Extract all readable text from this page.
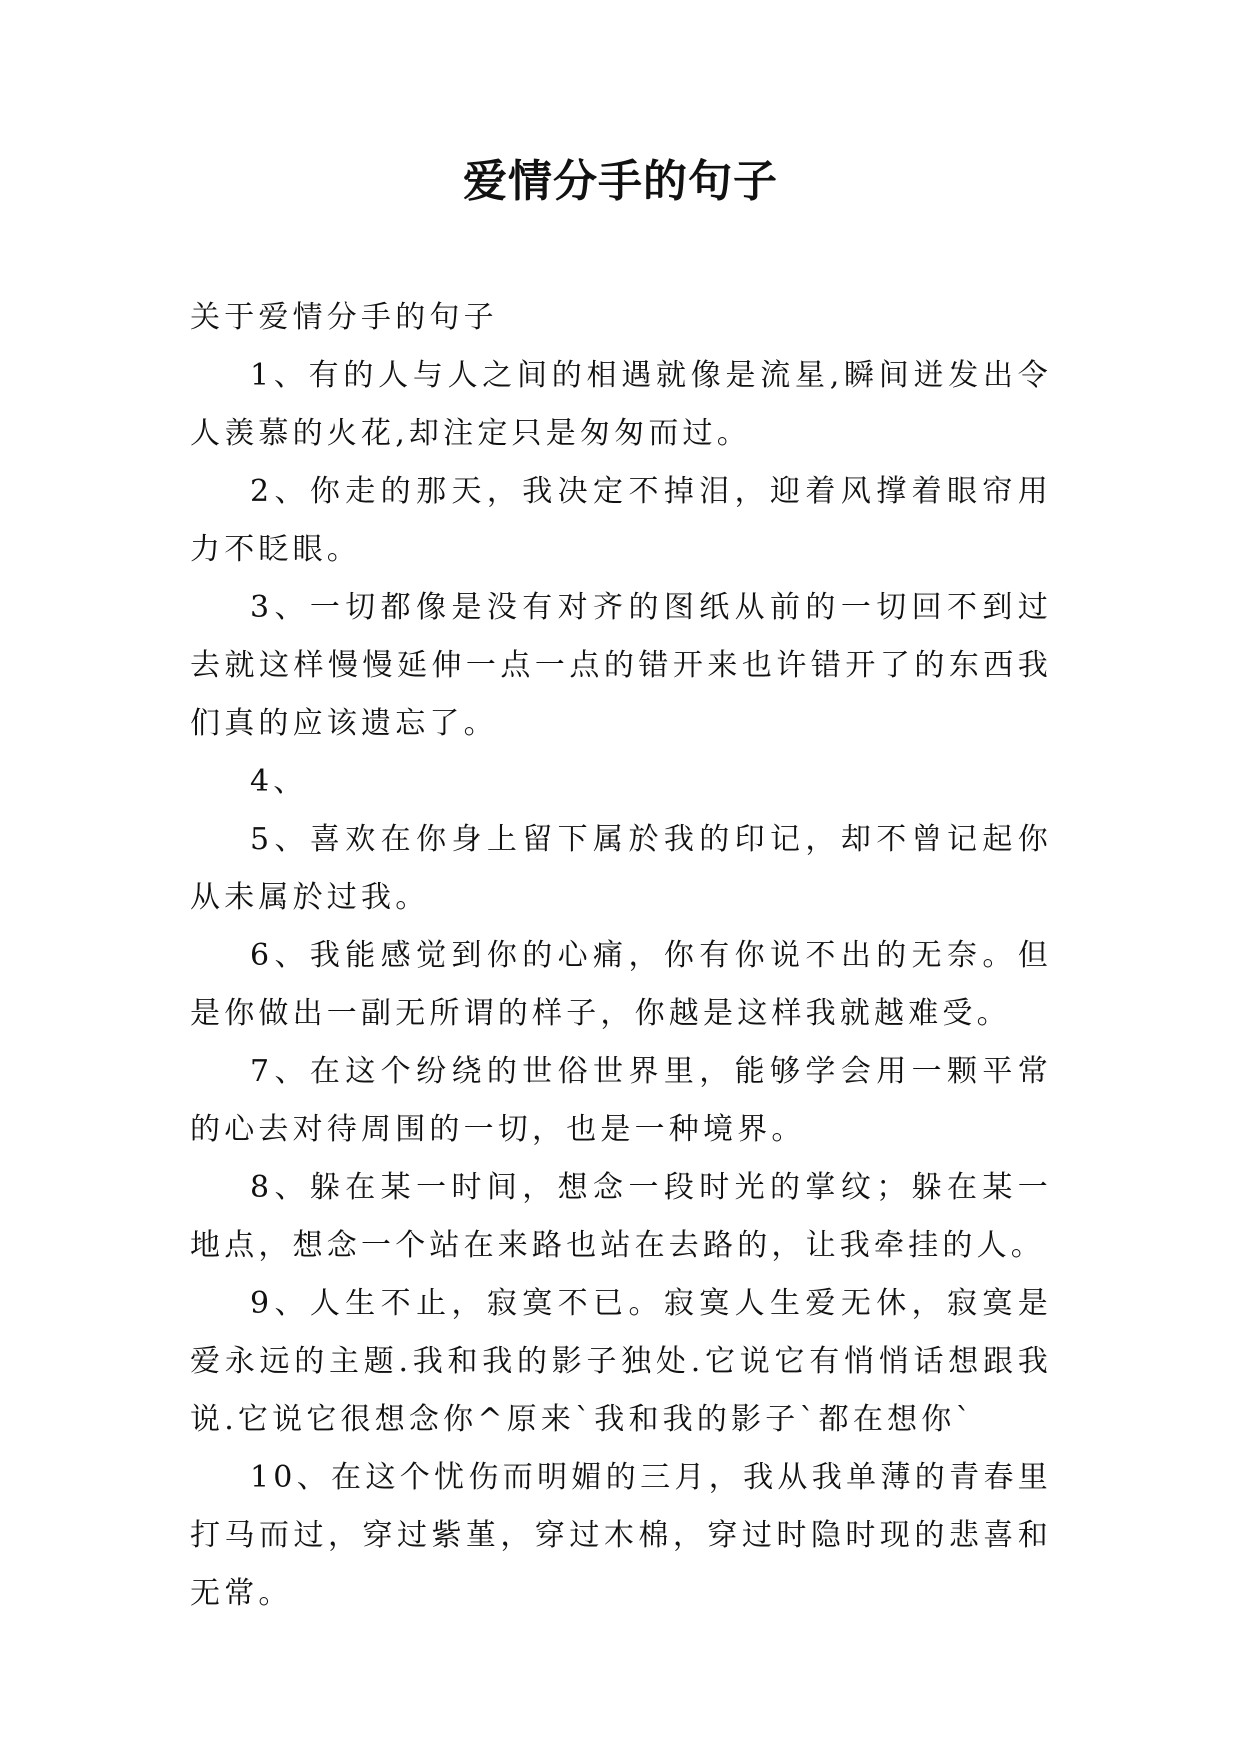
爱情分手的句子

关于爱情分手的句子

1、有的人与人之间的相遇就像是流星,瞬间迸发出令人羡慕的火花,却注定只是匆匆而过。

2、你走的那天，我决定不掉泪，迎着风撑着眼帘用力不眨眼。

3、一切都像是没有对齐的图纸从前的一切回不到过去就这样慢慢延伸一点一点的错开来也许错开了的东西我们真的应该遗忘了。

4、

5、喜欢在你身上留下属於我的印记，却不曾记起你从未属於过我。

6、我能感觉到你的心痛，你有你说不出的无奈。但是你做出一副无所谓的样子，你越是这样我就越难受。

7、在这个纷绕的世俗世界里，能够学会用一颗平常的心去对待周围的一切，也是一种境界。

8、躲在某一时间，想念一段时光的掌纹；躲在某一地点，想念一个站在来路也站在去路的，让我牵挂的人。

9、人生不止，寂寞不已。寂寞人生爱无休，寂寞是爱永远的主题.我和我的影子独处.它说它有悄悄话想跟我说.它说它很想念你^原来`我和我的影子`都在想你`

10、在这个忧伤而明媚的三月，我从我单薄的青春里打马而过，穿过紫堇，穿过木棉，穿过时隐时现的悲喜和无常。
